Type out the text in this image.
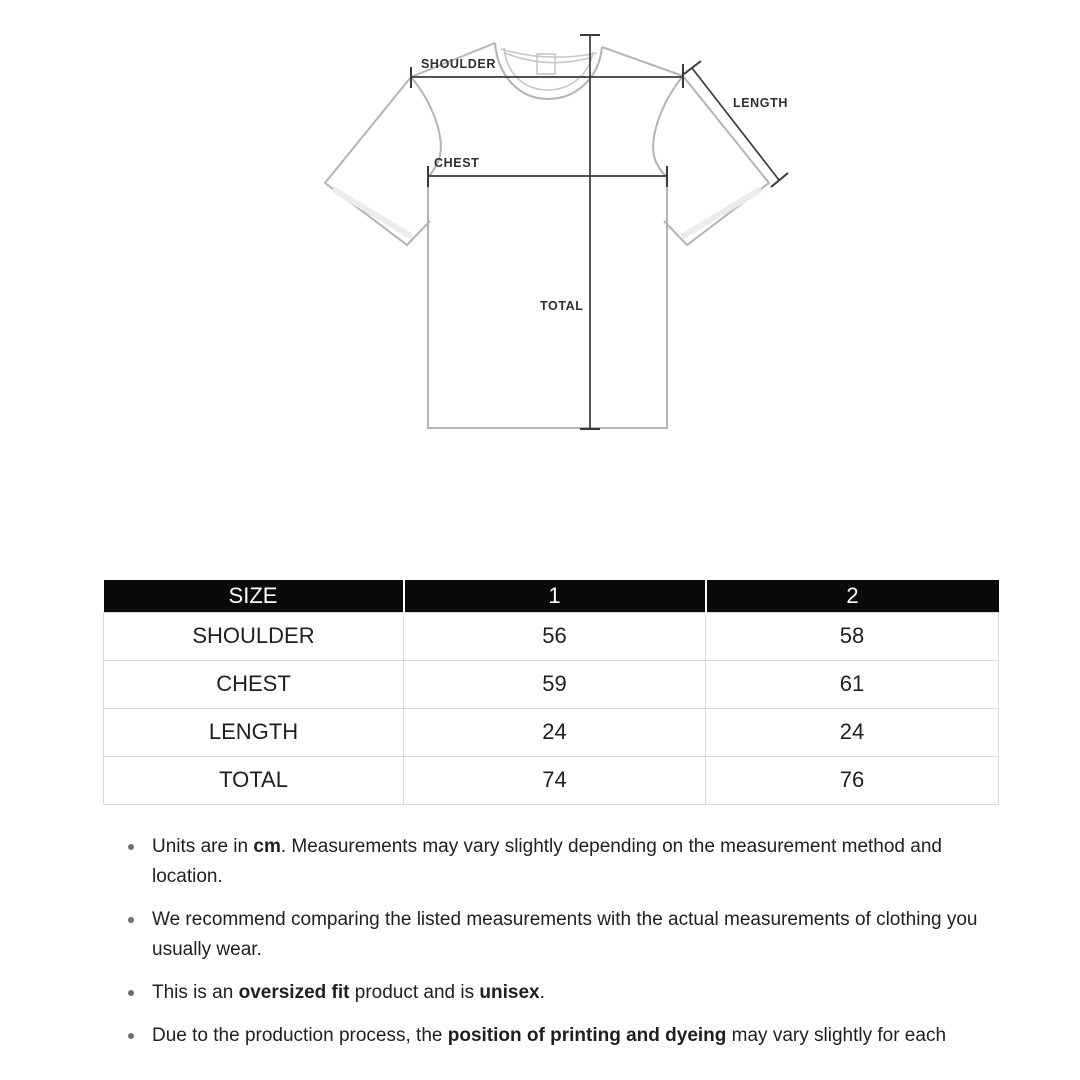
SHOULDER
LENGTH
CHEST
TOTAL
SIZE	1	2
SHOULDER	56	58
CHEST	59	61
LENGTH	24	24
TOTAL	74	76
Units are in cm. Measurements may vary slightly depending on the measurement method and location.
We recommend comparing the listed measurements with the actual measurements of clothing you usually wear.
This is an oversized fit product and is unisex.
Due to the production process, the position of printing and dyeing may vary slightly for each
